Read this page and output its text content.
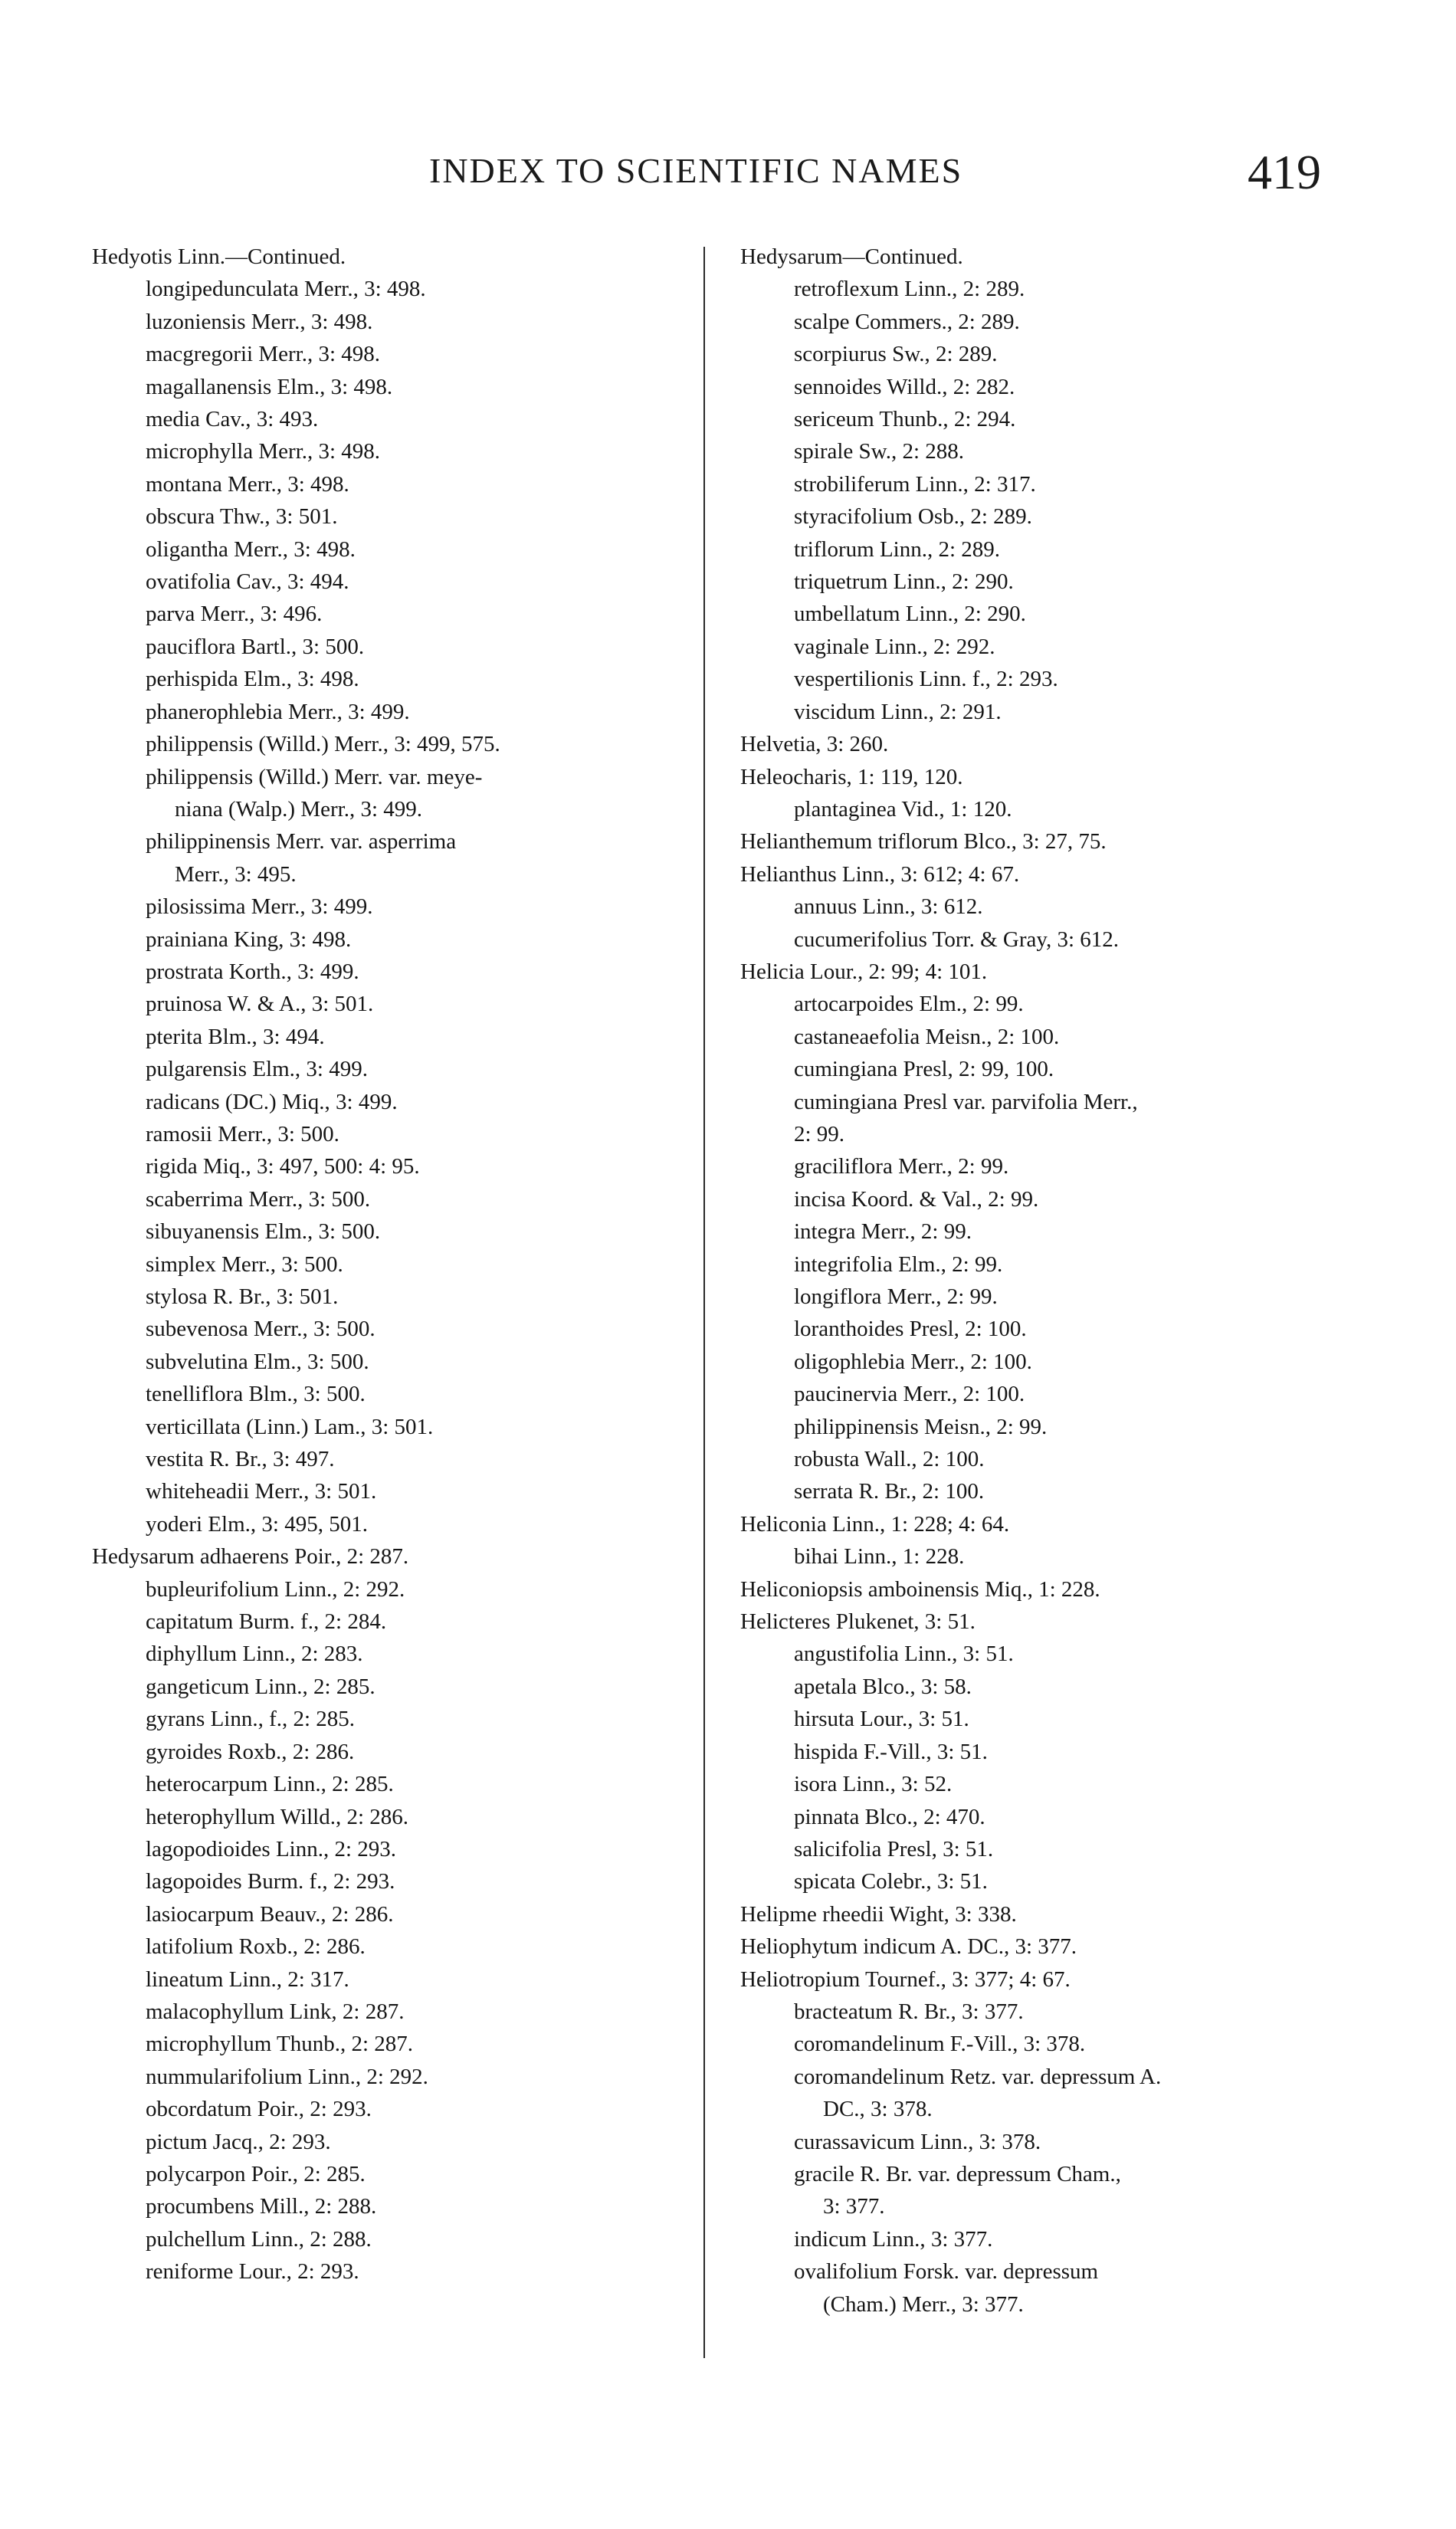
INDEX TO SCIENTIFIC NAMES	419
Hedyotis Linn.—Continued.
longipedunculata Merr., 3: 498.
luzoniensis Merr., 3: 498.
macgregorii Merr., 3: 498.
magallanensis Elm., 3: 498.
media Cav., 3: 493.
microphylla Merr., 3: 498.
montana Merr., 3: 498.
obscura Thw., 3: 501.
oligantha Merr., 3: 498.
ovatifolia Cav., 3: 494.
parva Merr., 3: 496.
pauciflora Bartl., 3: 500.
perhispida Elm., 3: 498.
phanerophlebia Merr., 3: 499.
philippensis (Willd.) Merr., 3: 499, 575.
philippensis (Willd.) Merr. var. meye-
niana (Walp.) Merr., 3: 499.
philippinensis Merr. var. asperrima
Merr., 3: 495.
pilosissima Merr., 3: 499.
prainiana King, 3: 498.
prostrata Korth., 3: 499.
pruinosa W. & A., 3: 501.
pterita Blm., 3: 494.
pulgarensis Elm., 3: 499.
radicans (DC.) Miq., 3: 499.
ramosii Merr., 3: 500.
rigida Miq., 3: 497, 500: 4: 95.
scaberrima Merr., 3: 500.
sibuyanensis Elm., 3: 500.
simplex Merr., 3: 500.
stylosa R. Br., 3: 501.
subevenosa Merr., 3: 500.
subvelutina Elm., 3: 500.
tenelliflora Blm., 3: 500.
verticillata (Linn.) Lam., 3: 501.
vestita R. Br., 3: 497.
whiteheadii Merr., 3: 501.
yoderi Elm., 3: 495, 501.
Hedysarum adhaerens Poir., 2: 287.
bupleurifolium Linn., 2: 292.
capitatum Burm. f., 2: 284.
diphyllum Linn., 2: 283.
gangeticum Linn., 2: 285.
gyrans Linn., f., 2: 285.
gyroides Roxb., 2: 286.
heterocarpum Linn., 2: 285.
heterophyllum Willd., 2: 286.
lagopodioides Linn., 2: 293.
lagopoides Burm. f., 2: 293.
lasiocarpum Beauv., 2: 286.
latifolium Roxb., 2: 286.
lineatum Linn., 2: 317.
malacophyllum Link, 2: 287.
microphyllum Thunb., 2: 287.
nummularifolium Linn., 2: 292.
obcordatum Poir., 2: 293.
pictum Jacq., 2: 293.
polycarpon Poir., 2: 285.
procumbens Mill., 2: 288.
pulchellum Linn., 2: 288.
reniforme Lour., 2: 293.
Hedysarum—Continued.
retroflexum Linn., 2: 289.
scalpe Commers., 2: 289.
scorpiurus Sw., 2: 289.
sennoides Willd., 2: 282.
sericeum Thunb., 2: 294.
spirale Sw., 2: 288.
strobiliferum Linn., 2: 317.
styracifolium Osb., 2: 289.
triflorum Linn., 2: 289.
triquetrum Linn., 2: 290.
umbellatum Linn., 2: 290.
vaginale Linn., 2: 292.
vespertilionis Linn. f., 2: 293.
viscidum Linn., 2: 291.
Helvetia, 3: 260.
Heleocharis, 1: 119, 120.
plantaginea Vid., 1: 120.
Helianthemum triflorum Blco., 3: 27, 75.
Helianthus Linn., 3: 612; 4: 67.
annuus Linn., 3: 612.
cucumerifolius Torr. & Gray, 3: 612.
Helicia Lour., 2: 99; 4: 101.
artocarpoides Elm., 2: 99.
castaneaefolia Meisn., 2: 100.
cumingiana Presl, 2: 99, 100.
cumingiana Presl var. parvifolia Merr.,
2: 99.
graciliflora Merr., 2: 99.
incisa Koord. & Val., 2: 99.
integra Merr., 2: 99.
integrifolia Elm., 2: 99.
longiflora Merr., 2: 99.
loranthoides Presl, 2: 100.
oligophlebia Merr., 2: 100.
paucinervia Merr., 2: 100.
philippinensis Meisn., 2: 99.
robusta Wall., 2: 100.
serrata R. Br., 2: 100.
Heliconia Linn., 1: 228; 4: 64.
bihai Linn., 1: 228.
Heliconiopsis amboinensis Miq., 1: 228.
Helicteres Plukenet, 3: 51.
angustifolia Linn., 3: 51.
apetala Blco., 3: 58.
hirsuta Lour., 3: 51.
hispida F.-Vill., 3: 51.
isora Linn., 3: 52.
pinnata Blco., 2: 470.
salicifolia Presl, 3: 51.
spicata Colebr., 3: 51.
Helipme rheedii Wight, 3: 338.
Heliophytum indicum A. DC., 3: 377.
Heliotropium Tournef., 3: 377; 4: 67.
bracteatum R. Br., 3: 377.
coromandelinum F.-Vill., 3: 378.
coromandelinum Retz. var. depressum A.
DC., 3: 378.
curassavicum Linn., 3: 378.
gracile R. Br. var. depressum Cham.,
3: 377.
indicum Linn., 3: 377.
ovalifolium Forsk. var. depressum
(Cham.) Merr., 3: 377.
